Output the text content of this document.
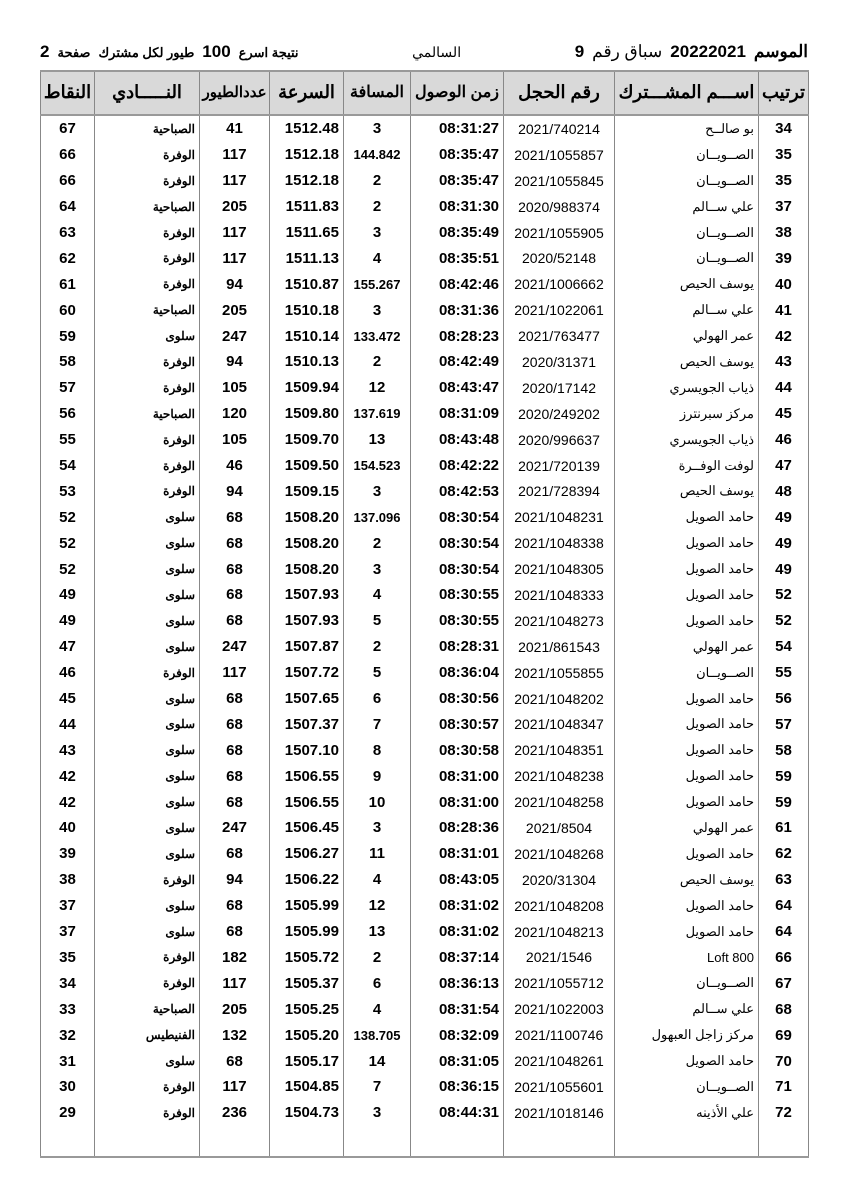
الموسم
20222021
سباق رقم
9
السالمي
نتيجة اسرع
100
طيور لكل مشترك
صفحة
2
النقاط	النـــــادي	عددالطيور	السرعة	المسافة	زمن الوصول	رقم الحجل	اســـم المشـــترك	ترتيب
67	الصباحية	41	1512.48	3	08:31:27	2021/740214	بو صالــح	34
66	الوفرة	117	1512.18	144.842	08:35:47	2021/1055857	الصــويــان	35
66	الوفرة	117	1512.18	2	08:35:47	2021/1055845	الصــويــان	35
64	الصباحية	205	1511.83	2	08:31:30	2020/988374	علي ســالم	37
63	الوفرة	117	1511.65	3	08:35:49	2021/1055905	الصــويــان	38
62	الوفرة	117	1511.13	4	08:35:51	2020/52148	الصــويــان	39
61	الوفرة	94	1510.87	155.267	08:42:46	2021/1006662	يوسف الحيص	40
60	الصباحية	205	1510.18	3	08:31:36	2021/1022061	علي ســالم	41
59	سلوى	247	1510.14	133.472	08:28:23	2021/763477	عمر الهولي	42
58	الوفرة	94	1510.13	2	08:42:49	2020/31371	يوسف الحيص	43
57	الوفرة	105	1509.94	12	08:43:47	2020/17142	ذياب الجويسري	44
56	الصباحية	120	1509.80	137.619	08:31:09	2020/249202	مركز سبرنترز	45
55	الوفرة	105	1509.70	13	08:43:48	2020/996637	ذياب الجويسري	46
54	الوفرة	46	1509.50	154.523	08:42:22	2021/720139	لوفت الوفــرة	47
53	الوفرة	94	1509.15	3	08:42:53	2021/728394	يوسف الحيص	48
52	سلوى	68	1508.20	137.096	08:30:54	2021/1048231	حامد الصويل	49
52	سلوى	68	1508.20	2	08:30:54	2021/1048338	حامد الصويل	49
52	سلوى	68	1508.20	3	08:30:54	2021/1048305	حامد الصويل	49
49	سلوى	68	1507.93	4	08:30:55	2021/1048333	حامد الصويل	52
49	سلوى	68	1507.93	5	08:30:55	2021/1048273	حامد الصويل	52
47	سلوى	247	1507.87	2	08:28:31	2021/861543	عمر الهولي	54
46	الوفرة	117	1507.72	5	08:36:04	2021/1055855	الصــويــان	55
45	سلوى	68	1507.65	6	08:30:56	2021/1048202	حامد الصويل	56
44	سلوى	68	1507.37	7	08:30:57	2021/1048347	حامد الصويل	57
43	سلوى	68	1507.10	8	08:30:58	2021/1048351	حامد الصويل	58
42	سلوى	68	1506.55	9	08:31:00	2021/1048238	حامد الصويل	59
42	سلوى	68	1506.55	10	08:31:00	2021/1048258	حامد الصويل	59
40	سلوى	247	1506.45	3	08:28:36	2021/8504	عمر الهولي	61
39	سلوى	68	1506.27	11	08:31:01	2021/1048268	حامد الصويل	62
38	الوفرة	94	1506.22	4	08:43:05	2020/31304	يوسف الحيص	63
37	سلوى	68	1505.99	12	08:31:02	2021/1048208	حامد الصويل	64
37	سلوى	68	1505.99	13	08:31:02	2021/1048213	حامد الصويل	64
35	الوفرة	182	1505.72	2	08:37:14	2021/1546	Loft 800	66
34	الوفرة	117	1505.37	6	08:36:13	2021/1055712	الصــويــان	67
33	الصباحية	205	1505.25	4	08:31:54	2021/1022003	علي ســالم	68
32	الفنيطيس	132	1505.20	138.705	08:32:09	2021/1100746	مركز زاجل العبهول	69
31	سلوى	68	1505.17	14	08:31:05	2021/1048261	حامد الصويل	70
30	الوفرة	117	1504.85	7	08:36:15	2021/1055601	الصــويــان	71
29	الوفرة	236	1504.73	3	08:44:31	2021/1018146	علي الأذينه	72
